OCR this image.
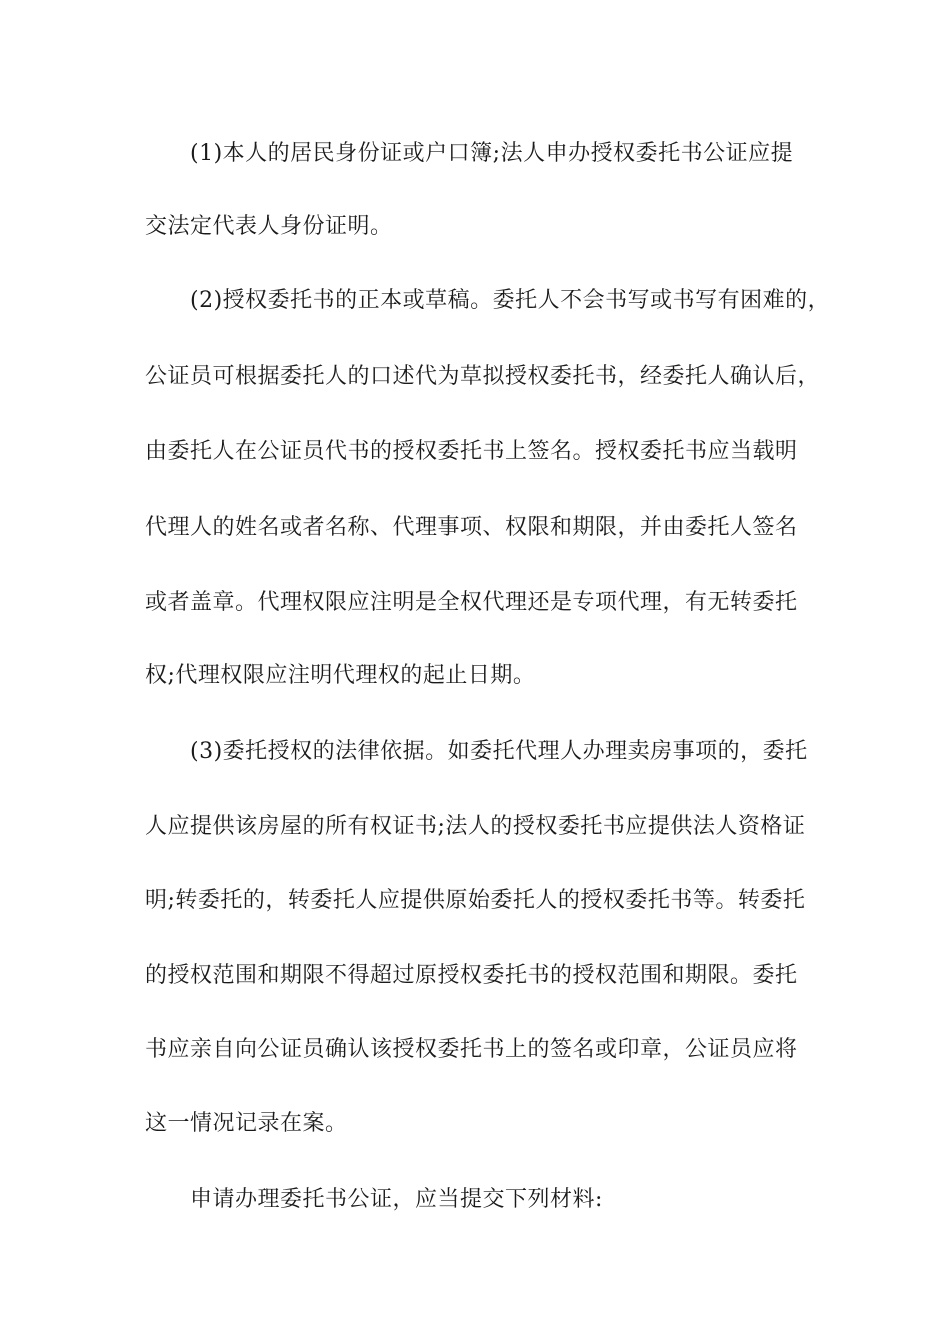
(1)本人的居民身份证或户口簿;法人申办授权委托书公证应提
交法定代表人身份证明。
(2)授权委托书的正本或草稿。委托人不会书写或书写有困难的，
公证员可根据委托人的口述代为草拟授权委托书，经委托人确认后，
由委托人在公证员代书的授权委托书上签名。授权委托书应当载明
代理人的姓名或者名称、代理事项、权限和期限，并由委托人签名
或者盖章。代理权限应注明是全权代理还是专项代理，有无转委托
权;代理权限应注明代理权的起止日期。
(3)委托授权的法律依据。如委托代理人办理卖房事项的，委托
人应提供该房屋的所有权证书;法人的授权委托书应提供法人资格证
明;转委托的，转委托人应提供原始委托人的授权委托书等。转委托
的授权范围和期限不得超过原授权委托书的授权范围和期限。委托
书应亲自向公证员确认该授权委托书上的签名或印章，公证员应将
这一情况记录在案。
申请办理委托书公证，应当提交下列材料:
